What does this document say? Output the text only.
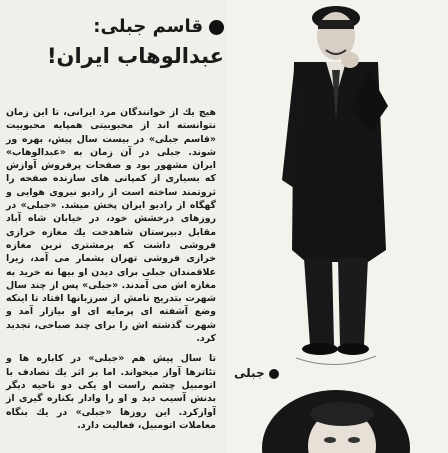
قاسم جبلی:
عبدالوهاب ایران!

هیچ یك از خوانندگان مرد ایرانی، تا این زمان نتوانسته اند از محبوبیتی همپایه محبوبیت «قاسم جبلی» در بیست سال پیش، بهره ور شوند. جبلی در آن زمان به «عبدالوهاب» ایران مشهور بود و صفحات پرفروش آوازش که بسیاری از کمپانی های سازنده صفحه را ثروتمند ساخته است از رادیو نیروی هوایی و گهگاه از رادیو ایران پخش میشد. «جبلی» در روزهای درخشش خود، در خیابان شاه آباد مقابل دبیرستان شاهدخت یك مغازه خرازی فروشی داشت که پرمشتری ترین مغازه خرازی فروشی تهران بشمار می آمد، زیرا علاقمندان جبلی برای دیدن او بیها نه خرید به مغازه اش می آمدند. «جبلی» پس از چند سال شهرت بتدریج نامش از سرزبانها افتاد تا اینکه وضع آشفته ای پرمایه ای او بیازار آمد و شهرت گذشته اش را برای چند صباحی، تجدید کرد.

تا سال پیش هم «جبلی» در کاباره ها و تئاترها آواز میخواند. اما بر اثر یك تصادف با اتومبیل چشم راست او یکی دو ناحیه دیگر بدنش آسیب دید و او را وادار بکناره گیری از آوازکرد. این روزها «جبلی» در یك بنگاه معاملات اتومبیل، فعالیت دارد.

جبلی
